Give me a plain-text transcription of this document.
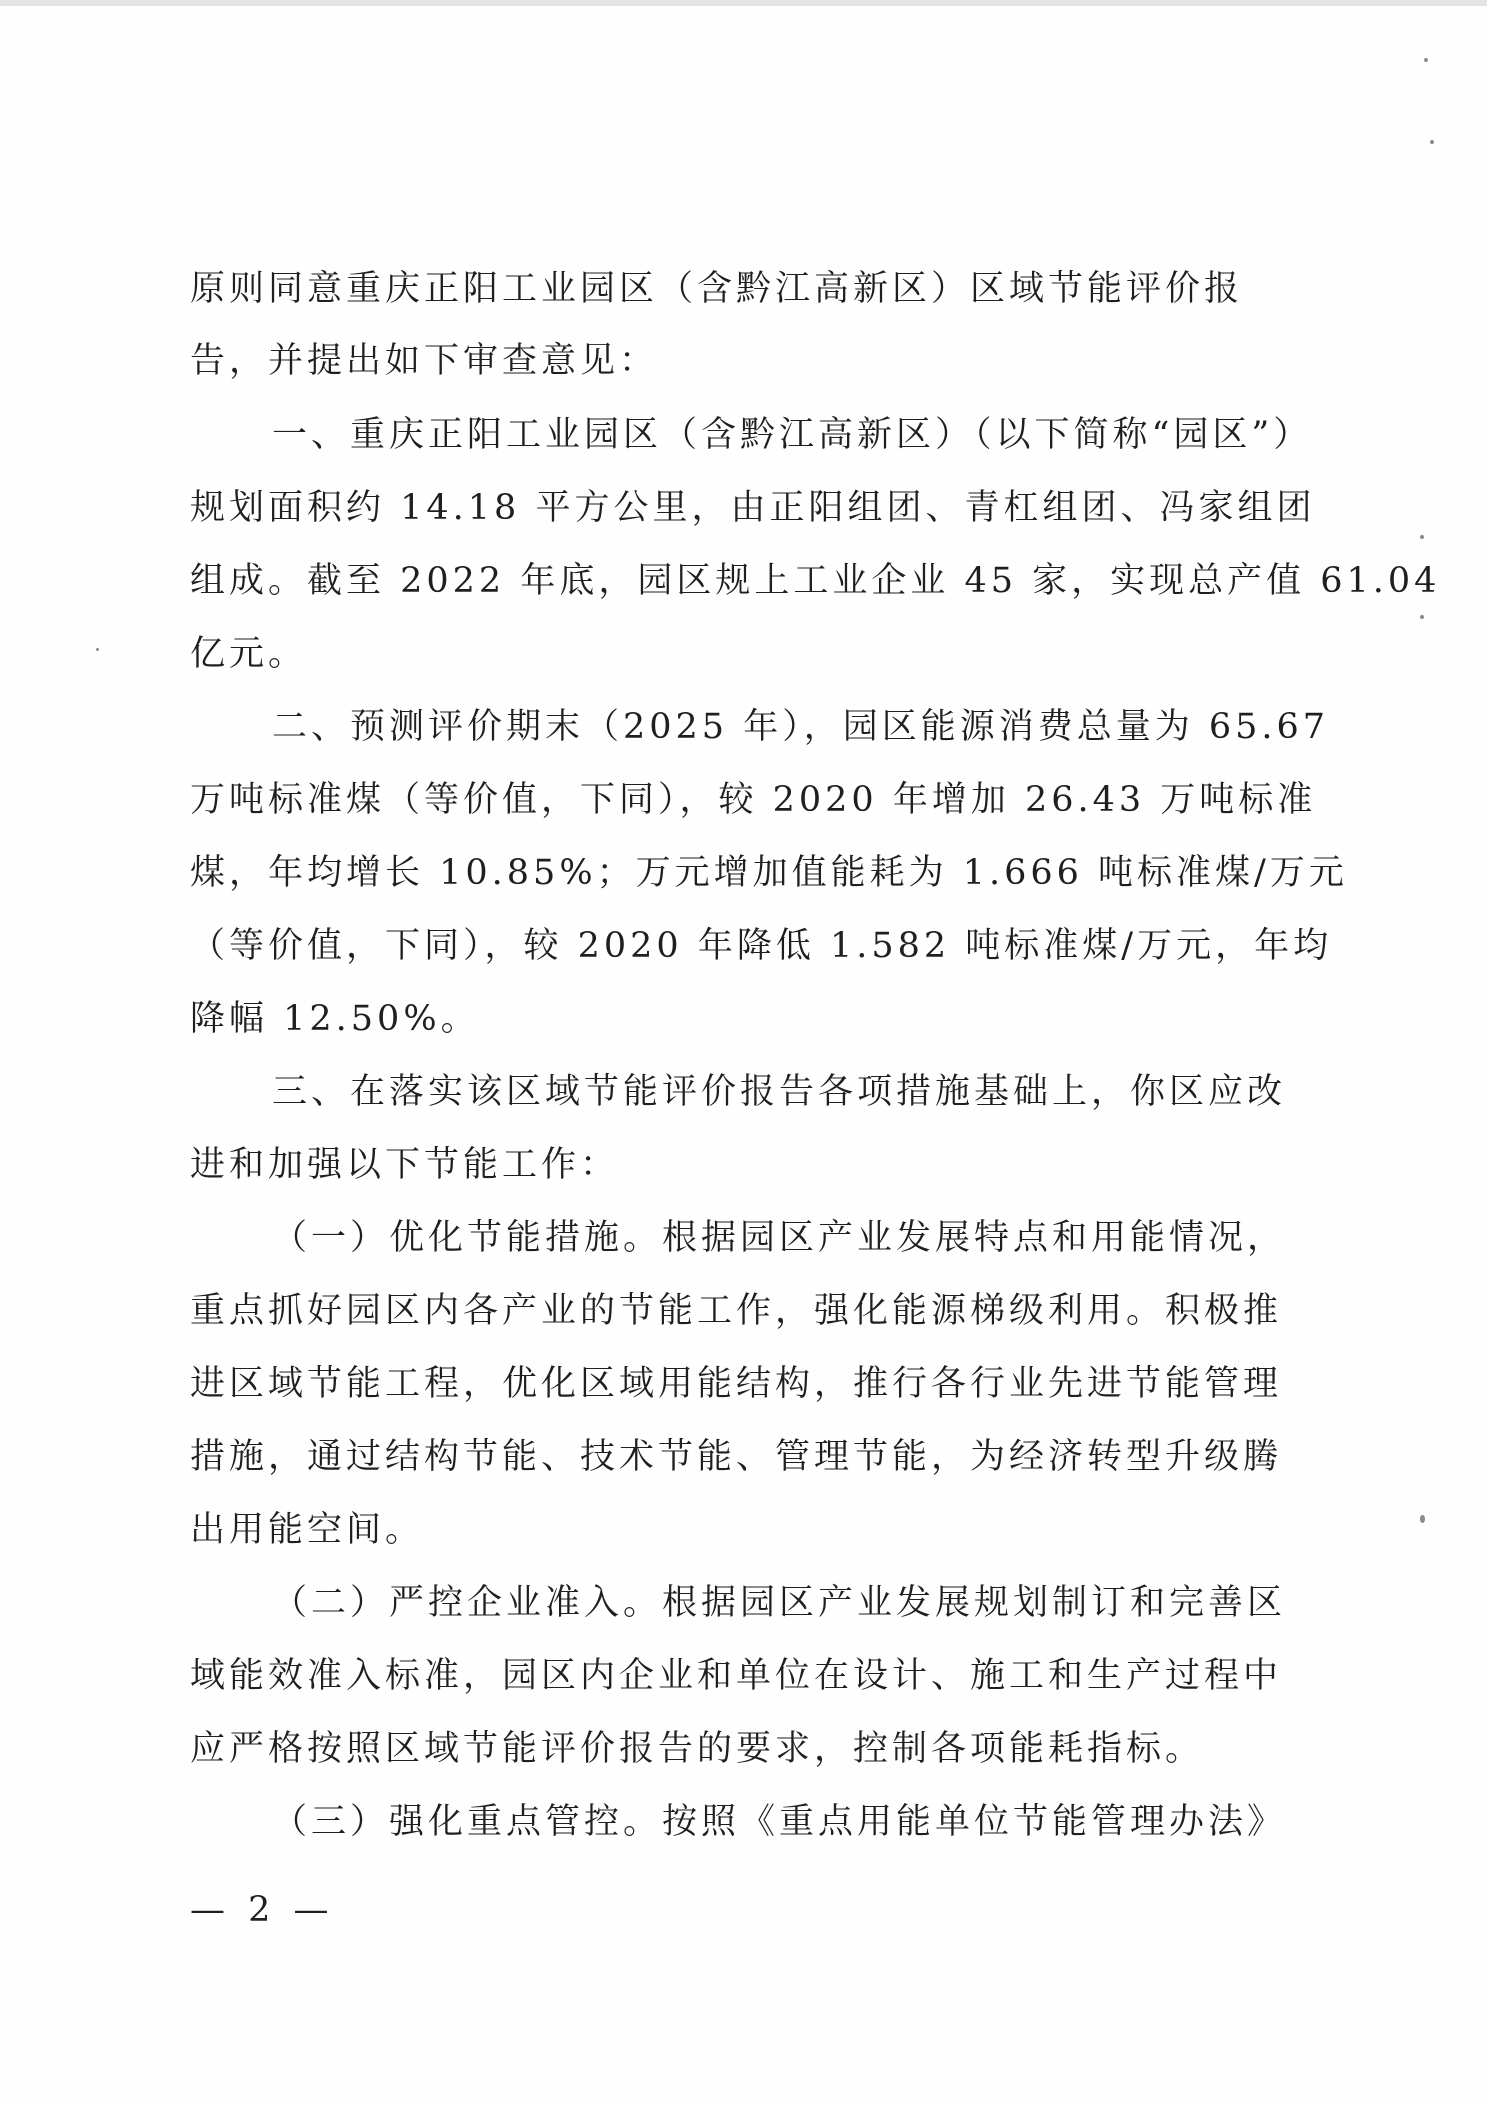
原则同意重庆正阳工业园区（含黔江高新区）区域节能评价报
告，并提出如下审查意见：
一、重庆正阳工业园区（含黔江高新区）（以下简称“园区”）
规划面积约 14.18 平方公里，由正阳组团、青杠组团、冯家组团
组成。截至 2022 年底，园区规上工业企业 45 家，实现总产值 61.04
亿元。
二、预测评价期末（2025 年），园区能源消费总量为 65.67
万吨标准煤（等价值，下同），较 2020 年增加 26.43 万吨标准
煤，年均增长 10.85%；万元增加值能耗为 1.666 吨标准煤/万元
（等价值，下同），较 2020 年降低 1.582 吨标准煤/万元，年均
降幅 12.50%。
三、在落实该区域节能评价报告各项措施基础上，你区应改
进和加强以下节能工作：
（一）优化节能措施。根据园区产业发展特点和用能情况，
重点抓好园区内各产业的节能工作，强化能源梯级利用。积极推
进区域节能工程，优化区域用能结构，推行各行业先进节能管理
措施，通过结构节能、技术节能、管理节能，为经济转型升级腾
出用能空间。
（二）严控企业准入。根据园区产业发展规划制订和完善区
域能效准入标准，园区内企业和单位在设计、施工和生产过程中
应严格按照区域节能评价报告的要求，控制各项能耗指标。
（三）强化重点管控。按照《重点用能单位节能管理办法》
— 2 —
